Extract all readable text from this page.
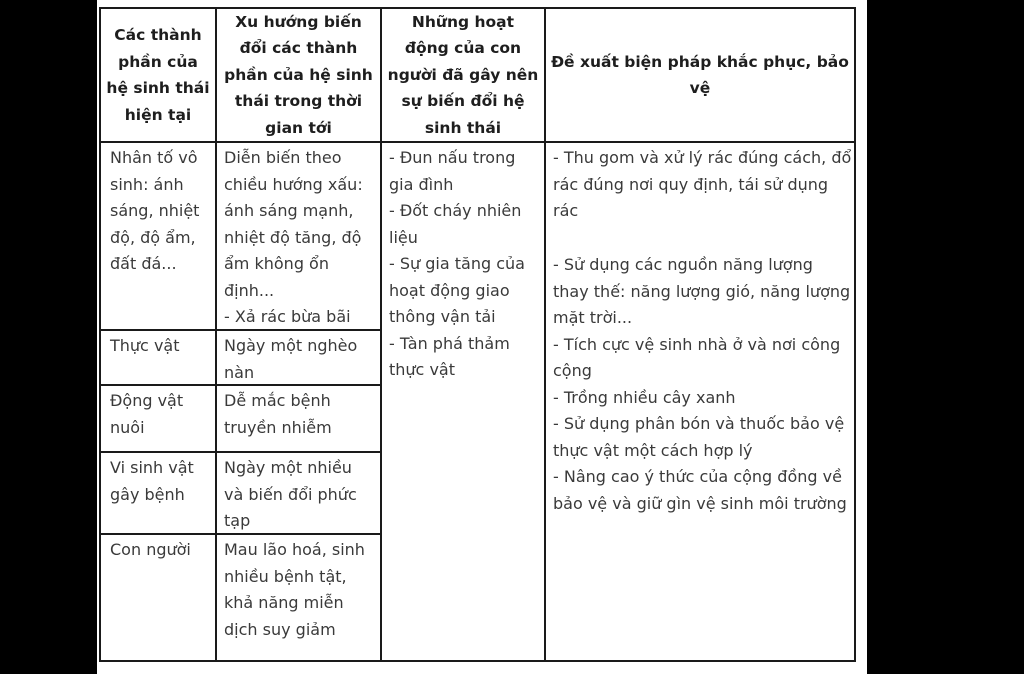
Các thành
phần của
hệ sinh thái
hiện tại
Xu hướng biến
đổi các thành
phần của hệ sinh
thái trong thời
gian tới
Những hoạt
động của con
người đã gây nên
sự biến đổi hệ
sinh thái
Đề xuất biện pháp khắc phục, bảo
vệ
Nhân tố vô
sinh: ánh
sáng, nhiệt
độ, độ ẩm,
đất đá...
Diễn biến theo
chiều hướng xấu:
ánh sáng mạnh,
nhiệt độ tăng, độ
ẩm không ổn
định...
- Xả rác bừa bãi
Thực vật	Ngày một nghèo
nàn
Động vật
nuôi
Dễ mắc bệnh
truyền nhiễm
Vi sinh vật
gây bệnh
Ngày một nhiều
và biến đổi phức
tạp
Con người Mau lão hoá, sinh
nhiều bệnh tật,
khả năng miễn
dịch suy giảm
- Đun nấu trong
gia đình
- Đốt cháy nhiên
liệu
- Sự gia tăng của
hoạt động giao
thông vận tải
- Tàn phá thảm
thực vật
- Thu gom và xử lý rác đúng cách, đổ
rác đúng nơi quy định, tái sử dụng
rác
- Sử dụng các nguồn năng lượng
thay thế: năng lượng gió, năng lượng
mặt trời...
- Tích cực vệ sinh nhà ở và nơi công
cộng
- Trồng nhiều cây xanh
- Sử dụng phân bón và thuốc bảo vệ
thực vật một cách hợp lý
- Nâng cao ý thức của cộng đồng về
bảo vệ và giữ gìn vệ sinh môi trường
